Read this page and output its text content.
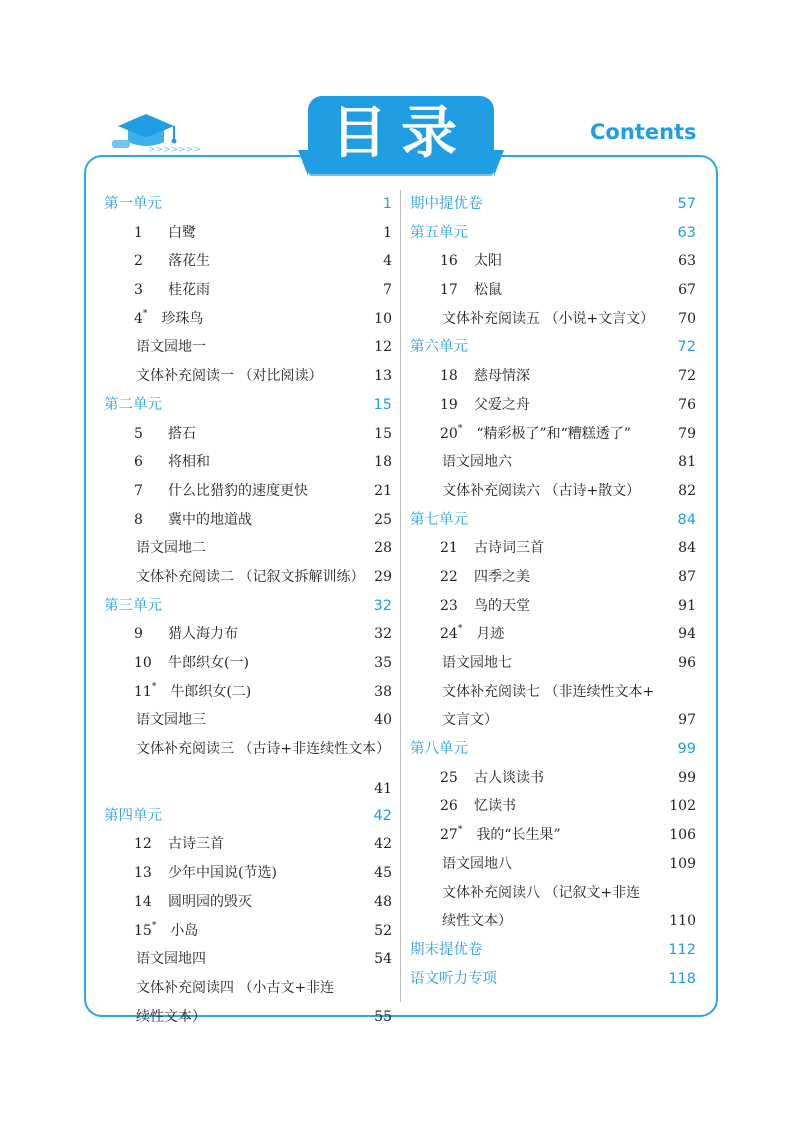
>>>>>>>	目录	Contents
第一单元	1
1 白鹭	1
2 落花生	4
3 桂花雨	7
4* 珍珠鸟	10
语文园地一	12
文体补充阅读一 （对比阅读）	13
第二单元	15
5 搭石	15
6 将相和	18
7 什么比猎豹的速度更快	21
8 冀中的地道战	25
语文园地二	28
文体补充阅读二 （记叙文拆解训练） 29
第三单元	32
9 猎人海力布	32
10 牛郎织女(一)	35
11* 牛郎织女(二)	38
语文园地三	40
文体补充阅读三 （古诗+非连续性文本）
41
第四单元	42
12 古诗三首	42
13 少年中国说(节选)	45
14 圆明园的毁灭	48
15* 小岛	52
语文园地四	54
文体补充阅读四 （小古文+非连
续性文本）	55
期中提优卷	57
第五单元	63
16 太阳	63
17 松鼠	67
文体补充阅读五 （小说+文言文） 70
第六单元	72
18 慈母情深	72
19 父爱之舟	76
20* “精彩极了”和“糟糕透了”	79
语文园地六	81
文体补充阅读六 （古诗+散文）	82
第七单元	84
21 古诗词三首	84
22 四季之美	87
23 鸟的天堂	91
24* 月迹	94
语文园地七	96
文体补充阅读七 （非连续性文本+
文言文）	97
第八单元	99
25 古人谈读书	99
26 忆读书	102
27* 我的“长生果”	106
语文园地八	109
文体补充阅读八 （记叙文+非连
续性文本）	110
期末提优卷	112
语文听力专项	118
